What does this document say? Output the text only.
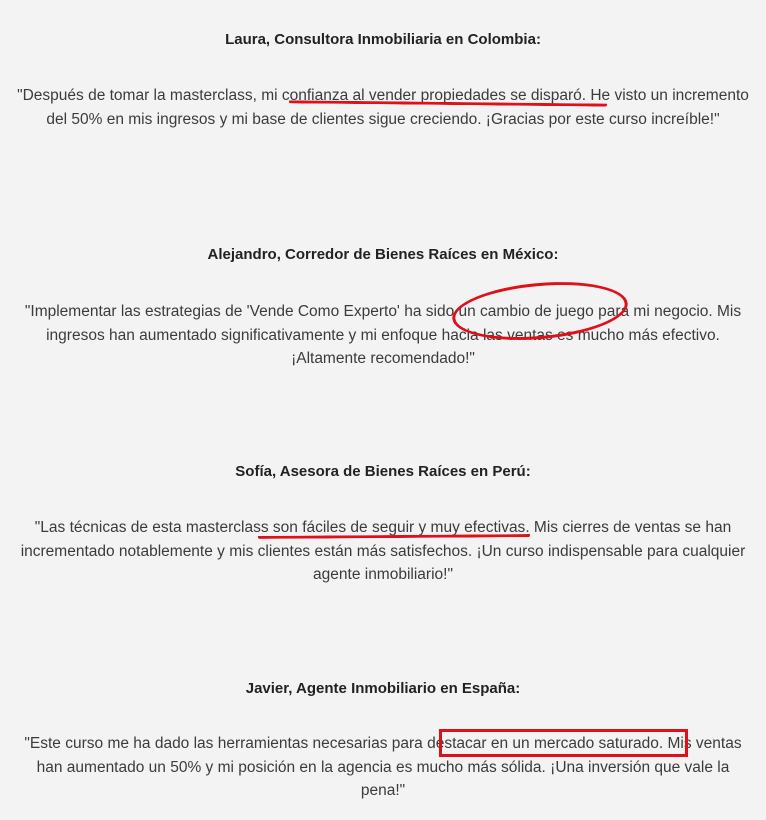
Laura, Consultora Inmobiliaria en Colombia:

"Después de tomar la masterclass, mi confianza al vender propiedades se disparó. He visto un incremento del 50% en mis ingresos y mi base de clientes sigue creciendo. ¡Gracias por este curso increíble!"

Alejandro, Corredor de Bienes Raíces en México:

"Implementar las estrategias de 'Vende Como Experto' ha sido un cambio de juego para mi negocio. Mis ingresos han aumentado significativamente y mi enfoque hacia las ventas es mucho más efectivo. ¡Altamente recomendado!"

Sofía, Asesora de Bienes Raíces en Perú:

"Las técnicas de esta masterclass son fáciles de seguir y muy efectivas. Mis cierres de ventas se han incrementado notablemente y mis clientes están más satisfechos. ¡Un curso indispensable para cualquier agente inmobiliario!"

Javier, Agente Inmobiliario en España:

"Este curso me ha dado las herramientas necesarias para destacar en un mercado saturado. Mis ventas han aumentado un 50% y mi posición en la agencia es mucho más sólida. ¡Una inversión que vale la pena!"
